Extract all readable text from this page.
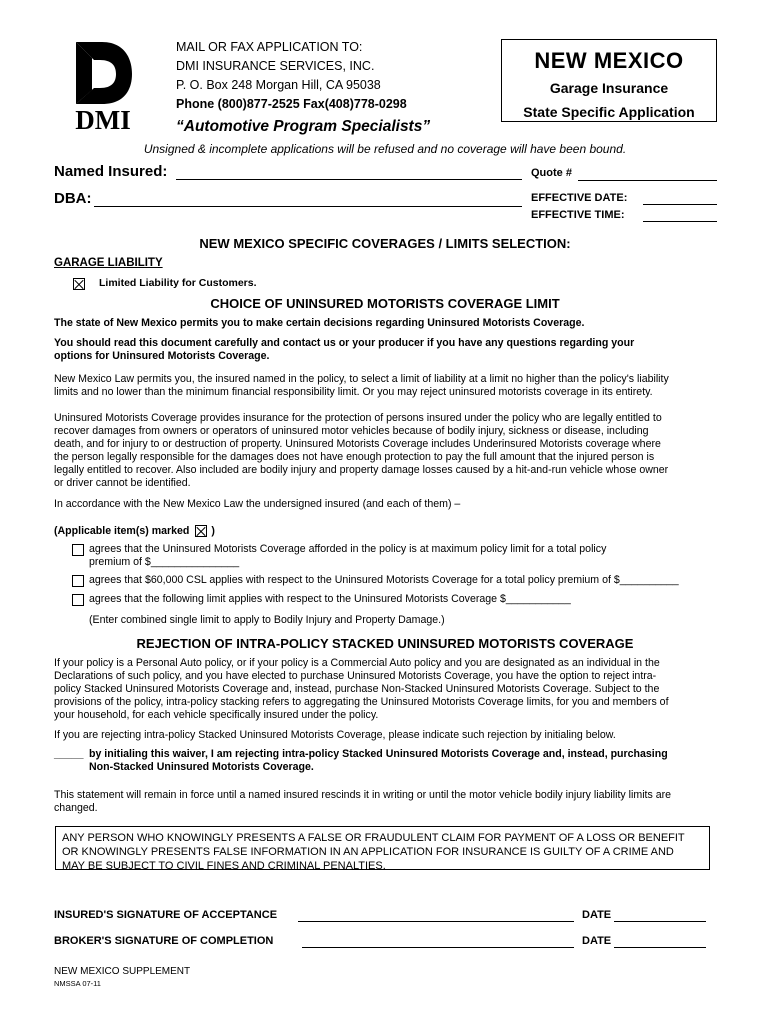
DMI
MAIL OR FAX APPLICATION TO:
DMI INSURANCE SERVICES, INC.
P. O. Box 248 Morgan Hill, CA 95038
Phone (800)877-2525 Fax(408)778-0298
“Automotive Program Specialists”
NEW MEXICO
Garage Insurance
State Specific Application
Unsigned & incomplete applications will be refused and no coverage will have been bound.
Named Insured:
DBA:
Quote #
EFFECTIVE DATE:
EFFECTIVE TIME:
NEW MEXICO SPECIFIC COVERAGES / LIMITS SELECTION:
GARAGE LIABILITY
Limited Liability for Customers.
CHOICE OF UNINSURED MOTORISTS COVERAGE LIMIT
The state of New Mexico permits you to make certain decisions regarding Uninsured Motorists Coverage.
You should read this document carefully and contact us or your producer if you have any questions regarding your
options for Uninsured Motorists Coverage.
New Mexico Law permits you, the insured named in the policy, to select a limit of liability at a limit no higher than the policy's liability
limits and no lower than the minimum financial responsibility limit. Or you may reject uninsured motorists coverage in its entirety.
Uninsured Motorists Coverage provides insurance for the protection of persons insured under the policy who are legally entitled to
recover damages from owners or operators of uninsured motor vehicles because of bodily injury, sickness or disease, including
death, and for injury to or destruction of property. Uninsured Motorists Coverage includes Underinsured Motorists coverage where
the person legally responsible for the damages does not have enough protection to pay the full amount that the injured person is
legally entitled to recover. Also included are bodily injury and property damage losses caused by a hit-and-run vehicle whose owner
or driver cannot be identified.
In accordance with the New Mexico Law the undersigned insured (and each of them) –
(Applicable item(s) marked )
agrees that the Uninsured Motorists Coverage afforded in the policy is at maximum policy limit for a total policy
premium of $_______________
agrees that $60,000 CSL applies with respect to the Uninsured Motorists Coverage for a total policy premium of $__________
agrees that the following limit applies with respect to the Uninsured Motorists Coverage $___________
(Enter combined single limit to apply to Bodily Injury and Property Damage.)
REJECTION OF INTRA-POLICY STACKED UNINSURED MOTORISTS COVERAGE
If your policy is a Personal Auto policy, or if your policy is a Commercial Auto policy and you are designated as an individual in the
Declarations of such policy, and you have elected to purchase Uninsured Motorists Coverage, you have the option to reject intra-
policy Stacked Uninsured Motorists Coverage and, instead, purchase Non-Stacked Uninsured Motorists Coverage. Subject to the
provisions of the policy, intra-policy stacking refers to aggregating the Uninsured Motorists Coverage limits, for you and members of
your household, for each vehicle specifically insured under the policy.
If you are rejecting intra-policy Stacked Uninsured Motorists Coverage, please indicate such rejection by initialing below.
_____ by initialing this waiver, I am rejecting intra-policy Stacked Uninsured Motorists Coverage and, instead, purchasing
Non-Stacked Uninsured Motorists Coverage.
This statement will remain in force until a named insured rescinds it in writing or until the motor vehicle bodily injury liability limits are
changed.
ANY PERSON WHO KNOWINGLY PRESENTS A FALSE OR FRAUDULENT CLAIM FOR PAYMENT OF A LOSS OR BENEFIT
OR KNOWINGLY PRESENTS FALSE INFORMATION IN AN APPLICATION FOR INSURANCE IS GUILTY OF A CRIME AND
MAY BE SUBJECT TO CIVIL FINES AND CRIMINAL PENALTIES.
INSURED'S SIGNATURE OF ACCEPTANCE	DATE
BROKER'S SIGNATURE OF COMPLETION	DATE
NEW MEXICO SUPPLEMENT
NMSSA 07-11
